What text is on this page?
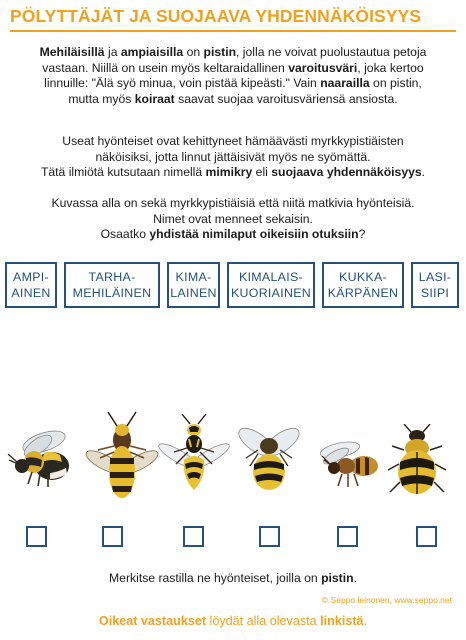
PÖLYTTÄJÄT JA SUOJAAVA YHDENNÄKÖISYYS
Mehiläisillä ja ampiaisilla on pistin, jolla ne voivat puolustautua petoja
vastaan. Niillä on usein myös keltaraidallinen varoitusväri, joka kertoo
linnuille: "Älä syö minua, voin pistää kipeästi." Vain naarailla on pistin,
mutta myös koiraat saavat suojaa varoitusväriensä ansiosta.
Useat hyönteiset ovat kehittyneet hämäävästi myrkkypistiäisten
näköisiksi, jotta linnut jättäisivät myös ne syömättä.
Tätä ilmiötä kutsutaan nimellä mimikry eli suojaava yhdennäköisyys.
Kuvassa alla on sekä myrkkypistiäisiä että niitä matkivia hyönteisiä.
Nimet ovat menneet sekaisin.
Osaatko yhdistää nimilaput oikeisiin otuksiin?
AMPI-
AINEN
TARHA-
MEHILÄINEN
KIMA-
LAINEN
KIMALAIS-
KUORIAINEN
KUKKA-
KÄRPÄNEN
LASI-
SIIPI
Merkitse rastilla ne hyönteiset, joilla on pistin.
© Seppo leinonen, www.seppo.net
Oikeat vastaukset löydät alla olevasta linkistä.
